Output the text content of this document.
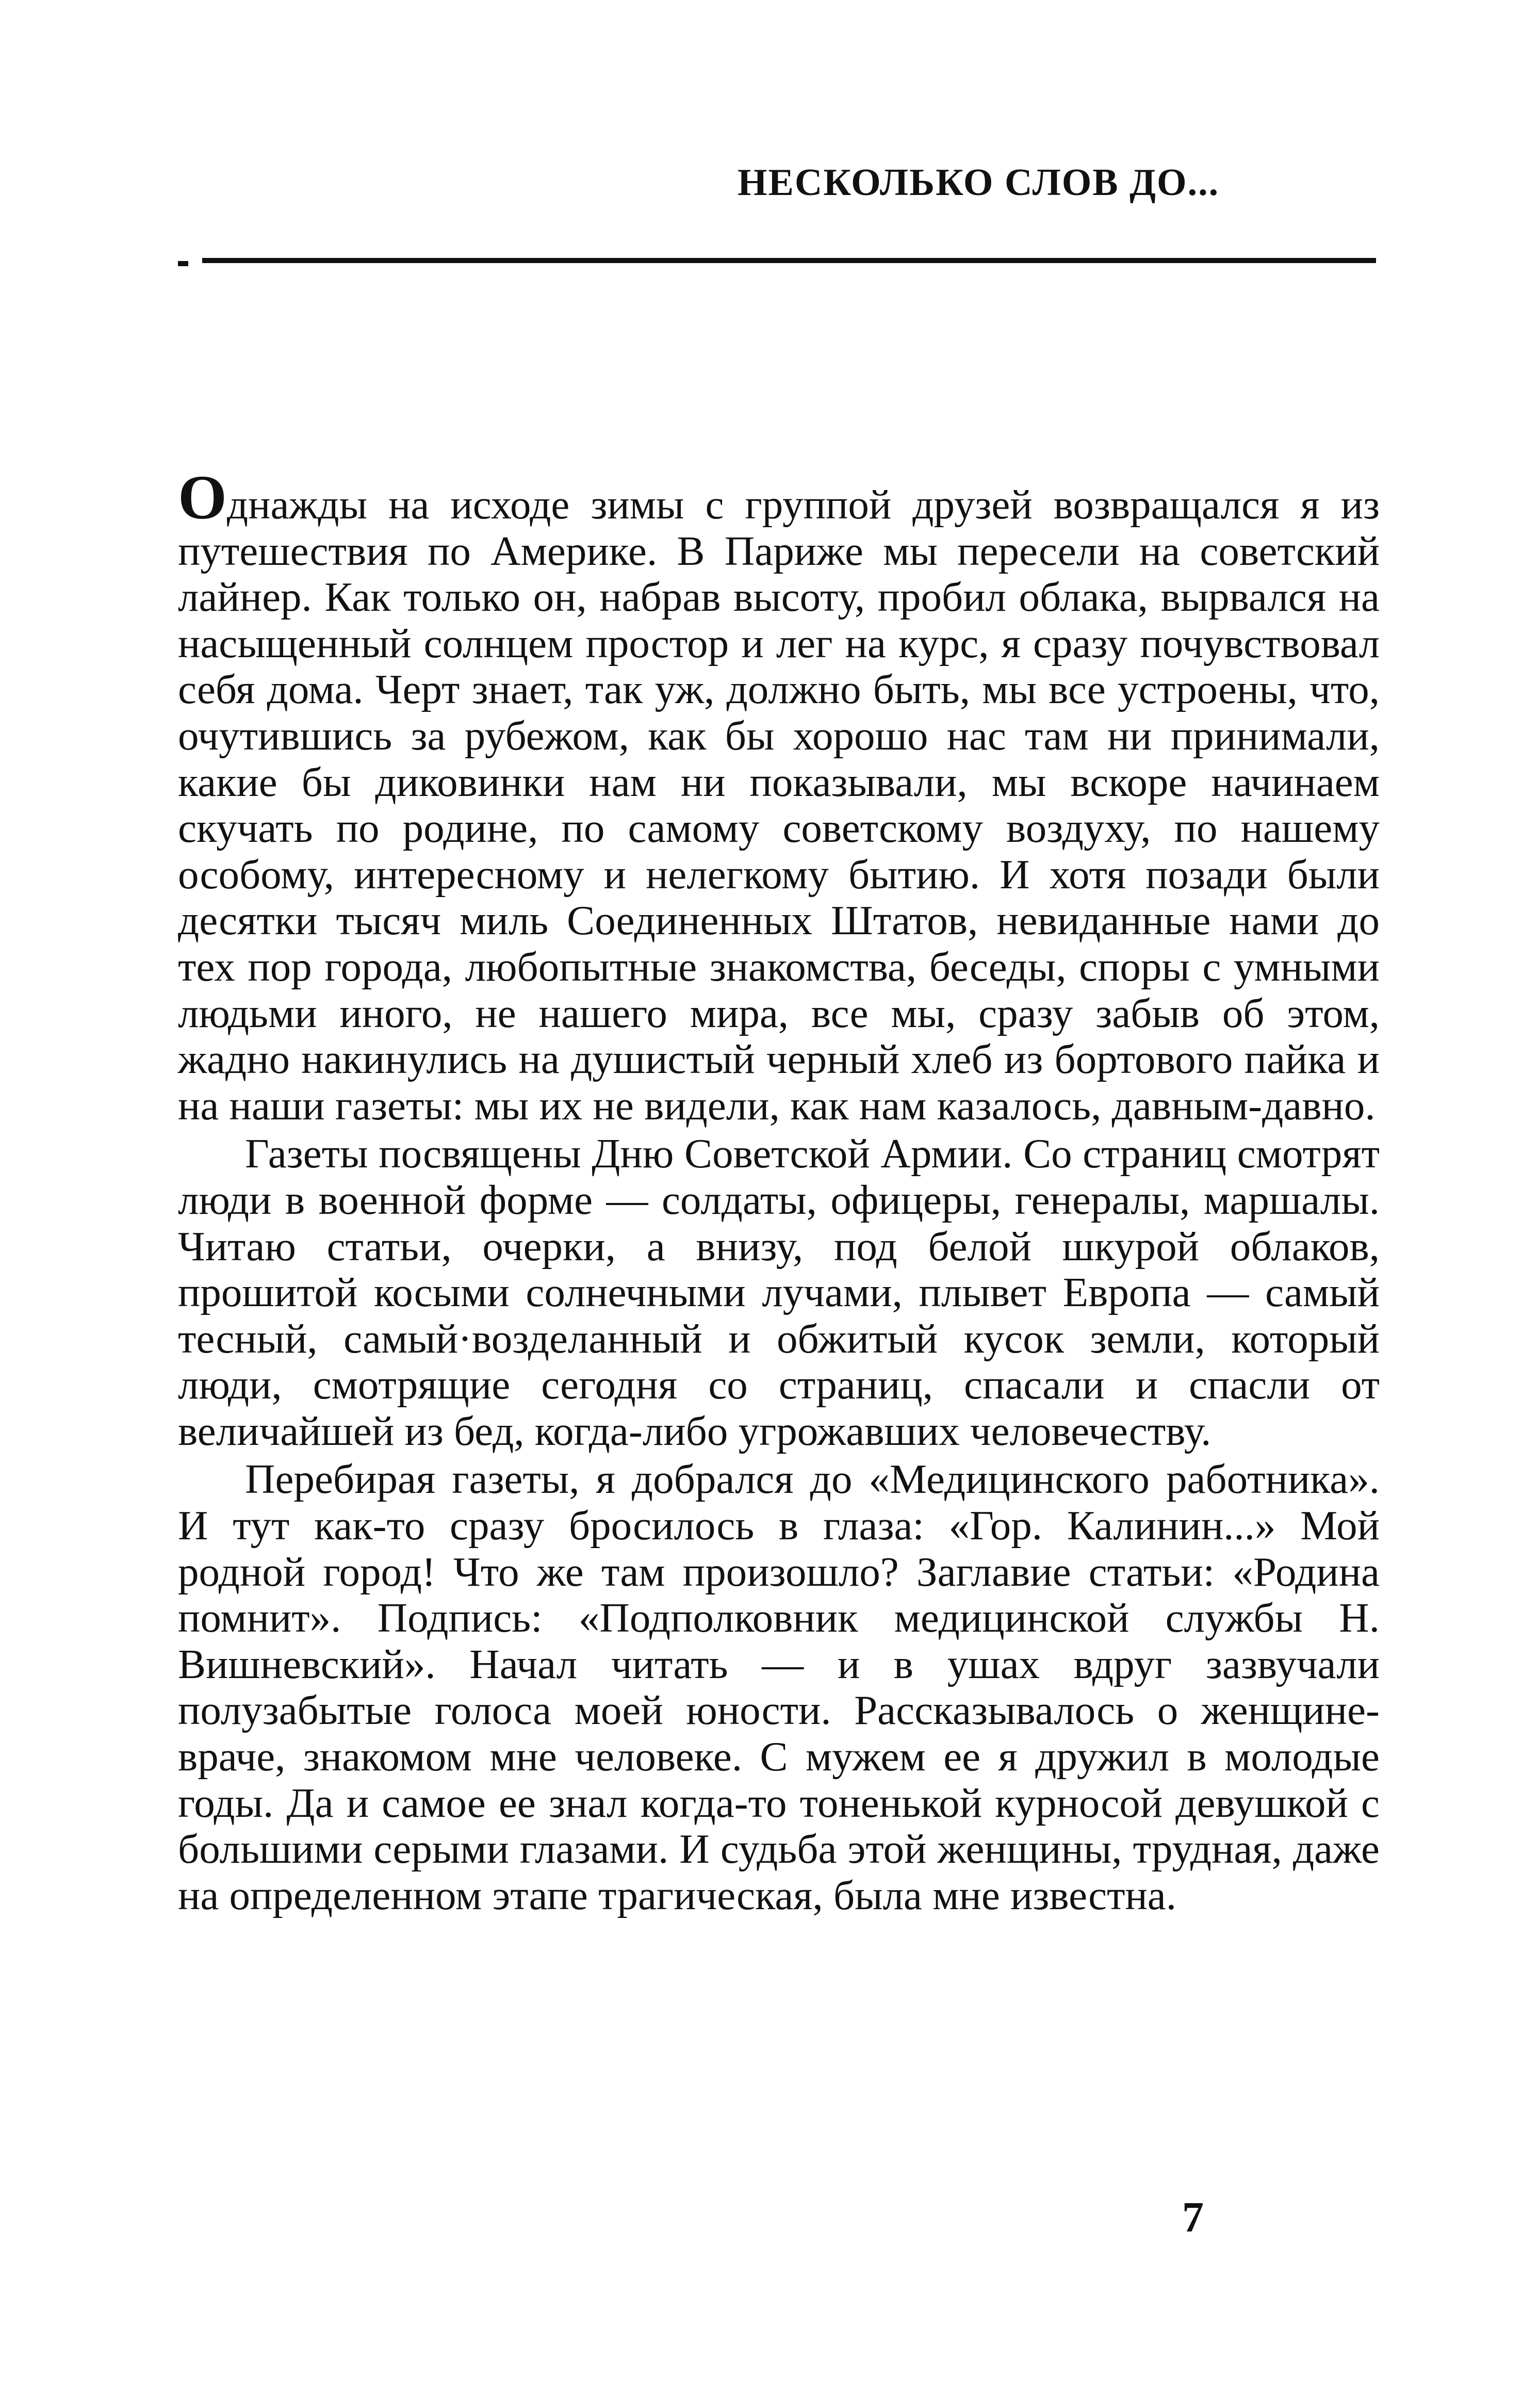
НЕСКОЛЬКО СЛОВ ДО...

Однажды на исходе зимы с группой друзей возвращался я из путешествия по Америке. В Париже мы пересели на советский лайнер. Как только он, набрав высоту, пробил облака, вырвался на насыщенный солнцем простор и лег на курс, я сразу почувствовал себя дома. Черт знает, так уж, должно быть, мы все устроены, что, очутившись за рубежом, как бы хорошо нас там ни принимали, какие бы диковинки нам ни показывали, мы вскоре начинаем скучать по родине, по самому советскому воздуху, по нашему особому, интересному и нелегкому бытию. И хотя позади были десятки тысяч миль Соединенных Штатов, невиданные нами до тех пор города, любопытные знакомства, беседы, споры с умными людьми иного, не нашего мира, все мы, сразу забыв об этом, жадно накинулись на душистый черный хлеб из бортового пайка и на наши газеты: мы их не видели, как нам казалось, давным-давно.

Газеты посвящены Дню Советской Армии. Со страниц смотрят люди в военной форме — солдаты, офицеры, генералы, маршалы. Читаю статьи, очерки, а внизу, под белой шкурой облаков, прошитой косыми солнечными лучами, плывет Европа — самый тесный, самый·возделанный и обжитый кусок земли, который люди, смотрящие сегодня со страниц, спасали и спасли от величайшей из бед, когда-либо угрожавших человечеству.

Перебирая газеты, я добрался до «Медицинского работника». И тут как-то сразу бросилось в глаза: «Гор. Калинин...» Мой родной город! Что же там произошло? Заглавие статьи: «Родина помнит». Подпись: «Подполковник медицинской службы Н. Вишневский». Начал читать — и в ушах вдруг зазвучали полузабытые голоса моей юности. Рассказывалось о женщине-враче, знакомом мне человеке. С мужем ее я дружил в молодые годы. Да и самое ее знал когда-то тоненькой курносой девушкой с большими серыми глазами. И судьба этой женщины, трудная, даже на определенном этапе трагическая, была мне известна.

7
